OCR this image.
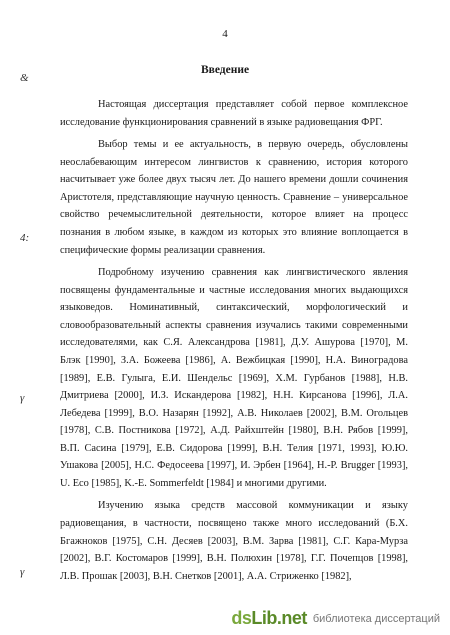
4
Введение
&
4:
γ
γ

Настоящая диссертация представляет собой первое комплексное исследование функционирования сравнений в языке радиовещания ФРГ.

Выбор темы и ее актуальность, в первую очередь, обусловлены неослабевающим интересом лингвистов к сравнению, история которого насчитывает уже более двух тысяч лет. До нашего времени дошли сочинения Аристотеля, представляющие научную ценность. Сравнение – универсальное свойство речемыслительной деятельности, которое влияет на процесс познания в любом языке, в каждом из которых это влияние воплощается в специфические формы реализации сравнения.

Подробному изучению сравнения как лингвистического явления посвящены фундаментальные и частные исследования многих выдающихся языковедов. Номинативный, синтаксический, морфологический и словообразовательный аспекты сравнения изучались такими современными исследователями, как С.Я. Александрова [1981], Д.У. Ашурова [1970], М. Блэк [1990], З.А. Божеева [1986], А. Вежбицкая [1990], Н.А. Виноградова [1989], Е.В. Гулыга, Е.И. Шендельс [1969], Х.М. Гурбанов [1988], Н.В. Дмитриева [2000], И.З. Искандерова [1982], Н.Н. Кирсанова [1996], Л.А. Лебедева [1999], В.О. Назарян [1992], А.В. Николаев [2002], В.М. Огольцев [1978], С.В. Постникова [1972], А.Д. Райхштейн [1980], В.Н. Рябов [1999], В.П. Сасина [1979], Е.В. Сидорова [1999], В.Н. Телия [1971, 1993], Ю.Ю. Ушакова [2005], Н.С. Федосеева [1997], И. Эрбен [1964], Н.-Р. Brugger [1993], U. Eco [1985], K.-E. Sommerfeldt [1984] и многими другими.

Изучению языка средств массовой коммуникации и языку радиовещания, в частности, посвящено также много исследований (Б.Х. Бгажноков [1975], С.Н. Десяев [2003], В.М. Зарва [1981], С.Г. Кара-Мурза [2002], В.Г. Костомаров [1999], В.Н. Полюхин [1978], Г.Г. Почепцов [1998], Л.В. Прошак [2003], В.Н. Снетков [2001], А.А. Стриженко [1982],

ds Lib.net библиотека диссертаций
